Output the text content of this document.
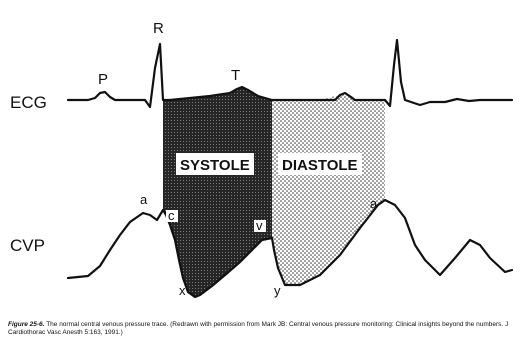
ECG
CVP
P
R
T
SYSTOLE DIASTOLE
a
c
v
x	y
a
Figure 25-6. The normal central venous pressure trace. (Redrawn with permission from Mark JB: Central venous pressure monitoring: Clinical insights beyond the numbers. J Cardiothorac Vasc Anesth 5:163, 1991.)
